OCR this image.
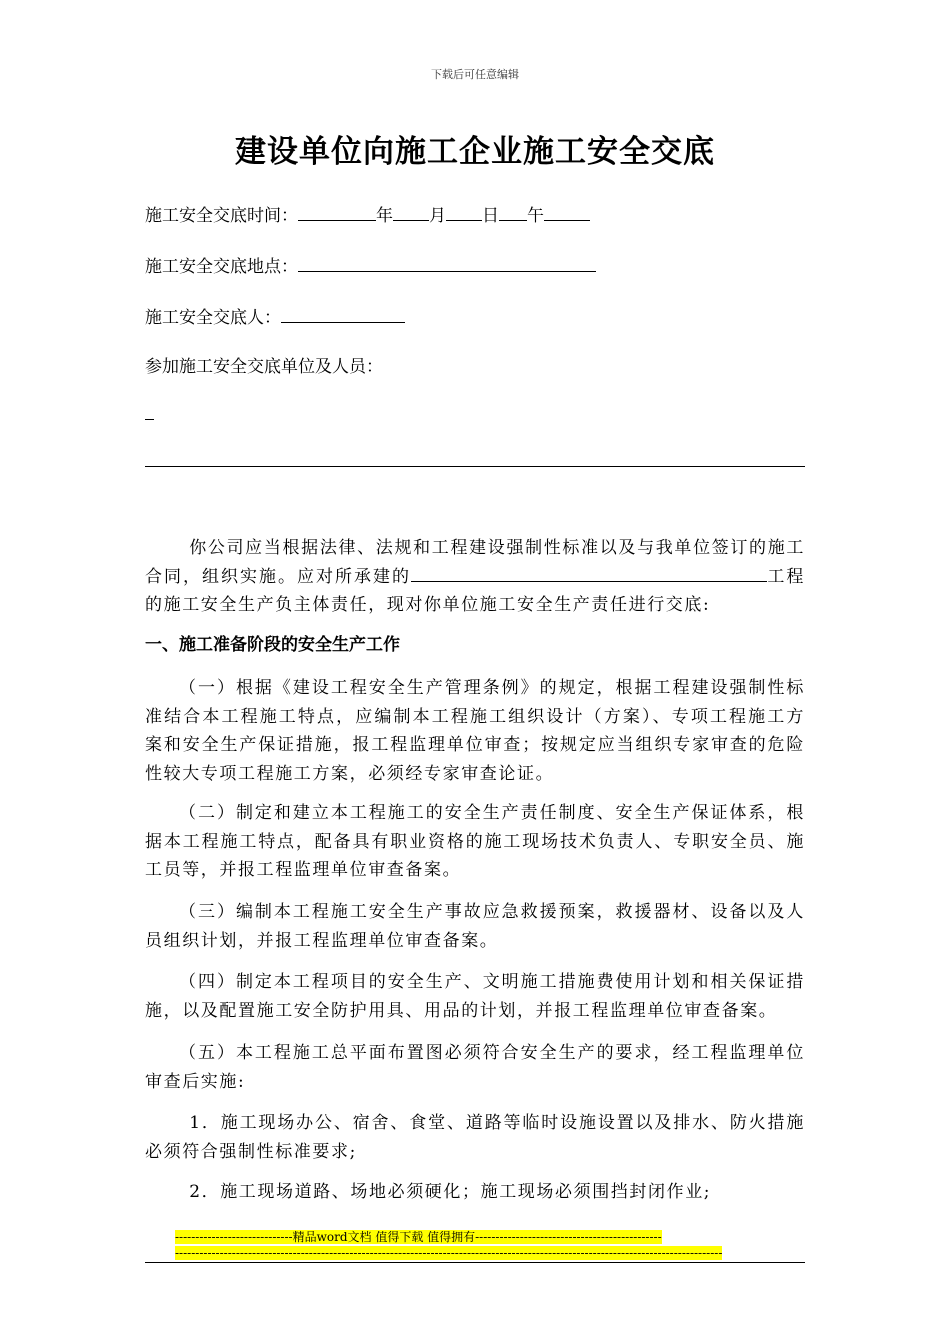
下载后可任意编辑
建设单位向施工企业施工安全交底
施工安全交底时间：	年 月 日 午
施工安全交底地点：
施工安全交底人：
参加施工安全交底单位及人员：

你公司应当根据法律、法规和工程建设强制性标准以及与我单位签订的施工合同，组织实施。应对所承建的	工程的施工安全生产负主体责任，现对你单位施工安全生产责任进行交底:

一、施工准备阶段的安全生产工作

（一）根据《建设工程安全生产管理条例》的规定，根据工程建设强制性标准结合本工程施工特点，应编制本工程施工组织设计（方案）、专项工程施工方案和安全生产保证措施，报工程监理单位审查；按规定应当组织专家审查的危险性较大专项工程施工方案，必须经专家审查论证。

（二）制定和建立本工程施工的安全生产责任制度、安全生产保证体系，根据本工程施工特点，配备具有职业资格的施工现场技术负责人、专职安全员、施工员等，并报工程监理单位审查备案。

（三）编制本工程施工安全生产事故应急救援预案，救援器材、设备以及人员组织计划，并报工程监理单位审查备案。

（四）制定本工程项目的安全生产、文明施工措施费使用计划和相关保证措施，以及配置施工安全防护用具、用品的计划，并报工程监理单位审查备案。

（五）本工程施工总平面布置图必须符合安全生产的要求，经工程监理单位审查后实施:

1．施工现场办公、宿舍、食堂、道路等临时设施设置以及排水、防火措施必须符合强制性标准要求;

2．施工现场道路、场地必须硬化；施工现场必须围挡封闭作业;

-----------------------------精品word文档 值得下载 值得拥有----------------------------------------------
---------------------------------------------------------------------------------------------------------------------------------------
